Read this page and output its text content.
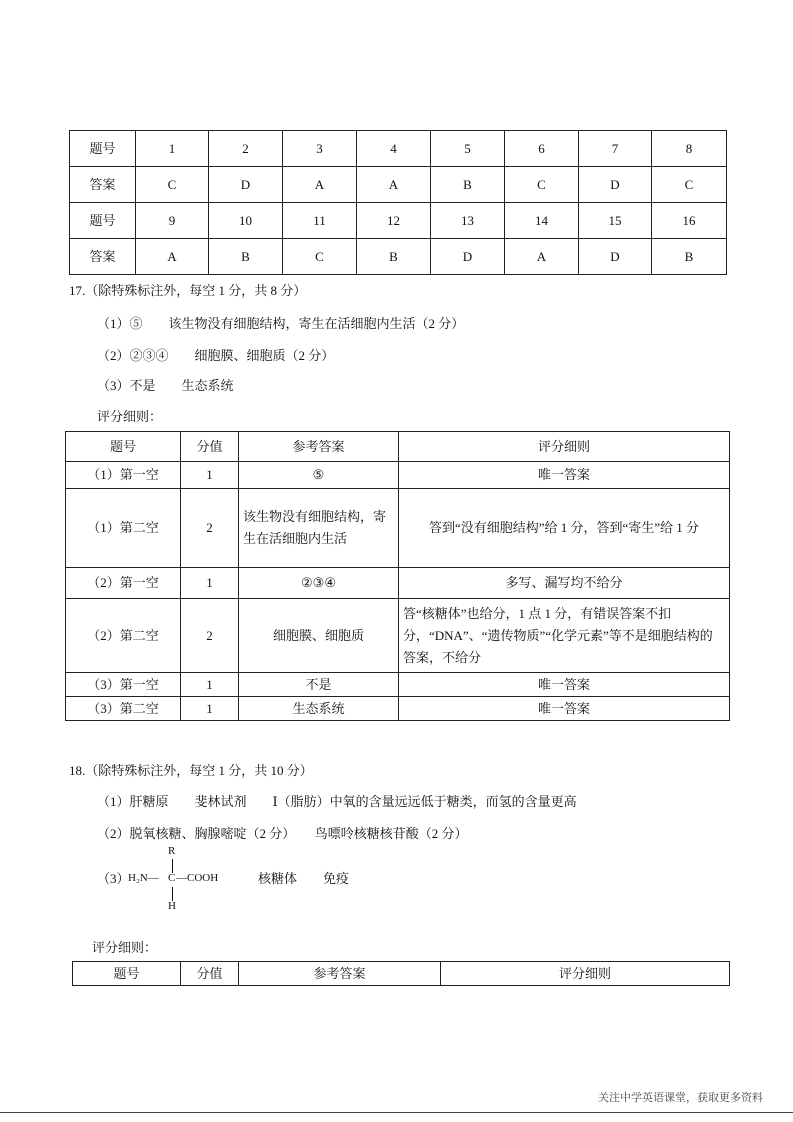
题号	1	2	3	4	5	6	7	8
答案	C	D	A	A	B	C	D	C
题号	9	10	11	12	13	14	15	16
答案	A	B	C	B	D	A	D	B
17.（除特殊标注外，每空 1 分，共 8 分）
（1）⑤　　该生物没有细胞结构，寄生在活细胞内生活（2 分）
（2）②③④　　细胞膜、细胞质（2 分）
（3）不是　　生态系统
评分细则：
题号	分值	参考答案	评分细则
（1）第一空	1	⑤	唯一答案
（1）第二空	2	该生物没有细胞结构，寄生在活细胞内生活	答到“没有细胞结构”给 1 分，答到“寄生”给 1 分
（2）第一空	1	②③④	多写、漏写均不给分
（2）第二空	2	细胞膜、细胞质	答“核糖体”也给分，1 点 1 分，有错误答案不扣分，“DNA”、“遗传物质”“化学元素”等不是细胞结构的答案，不给分
（3）第一空	1	不是	唯一答案
（3）第二空	1	生态系统	唯一答案
18.（除特殊标注外，每空 1 分，共 10 分）
（1）肝糖原　　斐林试剂　　Ⅰ（脂肪）中氧的含量远远低于糖类，而氢的含量更高
（2）脱氧核糖、胸腺嘧啶（2 分）　　鸟嘌呤核糖核苷酸（2 分）
（3）
R
H₂N— C —COOH
H
核糖体　　免疫
评分细则：
题号	分值	参考答案	评分细则
关注中学英语课堂，获取更多资料
